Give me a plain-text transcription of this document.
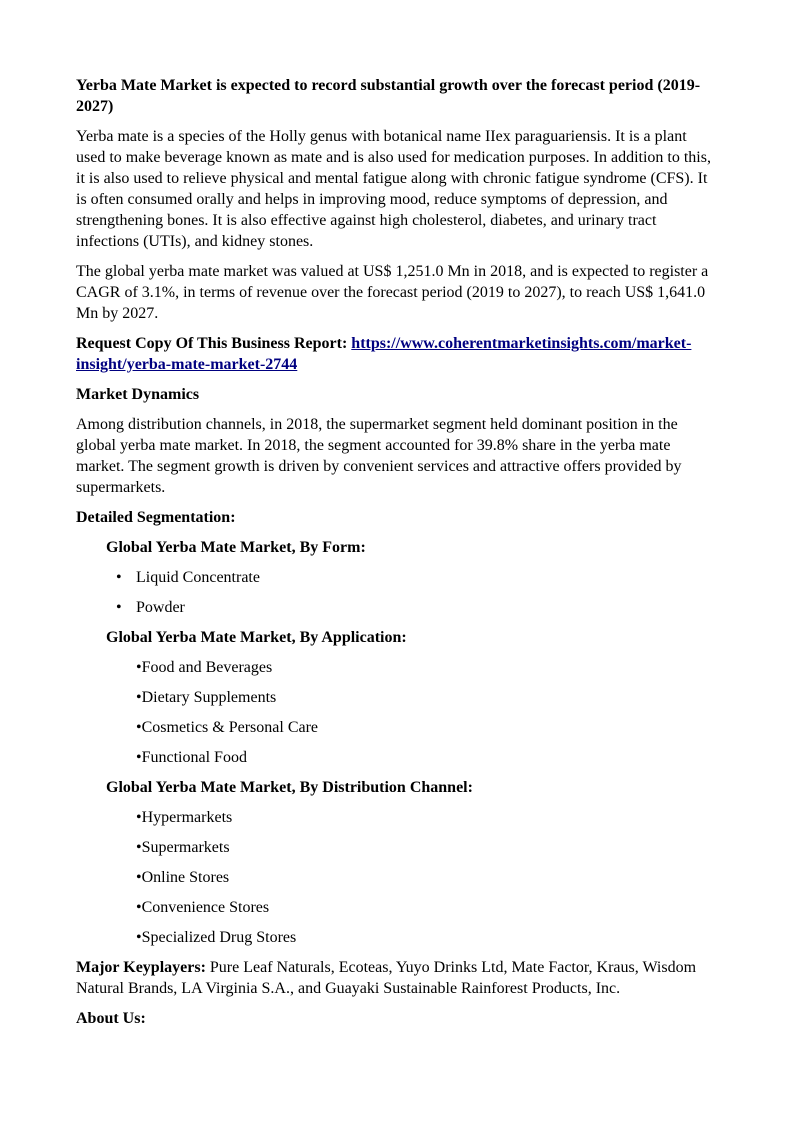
Yerba Mate Market is expected to record substantial growth over the forecast period (2019-2027)

Yerba mate is a species of the Holly genus with botanical name IIex paraguariensis. It is a plant used to make beverage known as mate and is also used for medication purposes. In addition to this, it is also used to relieve physical and mental fatigue along with chronic fatigue syndrome (CFS). It is often consumed orally and helps in improving mood, reduce symptoms of depression, and strengthening bones. It is also effective against high cholesterol, diabetes, and urinary tract infections (UTIs), and kidney stones.

The global yerba mate market was valued at US$ 1,251.0 Mn in 2018, and is expected to register a CAGR of 3.1%, in terms of revenue over the forecast period (2019 to 2027), to reach US$ 1,641.0 Mn by 2027.

Request Copy Of This Business Report: https://www.coherentmarketinsights.com/market-insight/yerba-mate-market-2744

Market Dynamics

Among distribution channels, in 2018, the supermarket segment held dominant position in the global yerba mate market. In 2018, the segment accounted for 39.8% share in the yerba mate market. The segment growth is driven by convenient services and attractive offers provided by supermarkets.

Detailed Segmentation:

Global Yerba Mate Market, By Form:

• Liquid Concentrate
• Powder

Global Yerba Mate Market, By Application:

•Food and Beverages
•Dietary Supplements
•Cosmetics & Personal Care
•Functional Food

Global Yerba Mate Market, By Distribution Channel:

•Hypermarkets
•Supermarkets
•Online Stores
•Convenience Stores
•Specialized Drug Stores

Major Keyplayers: Pure Leaf Naturals, Ecoteas, Yuyo Drinks Ltd, Mate Factor, Kraus, Wisdom Natural Brands, LA Virginia S.A., and Guayaki Sustainable Rainforest Products, Inc.

About Us:
